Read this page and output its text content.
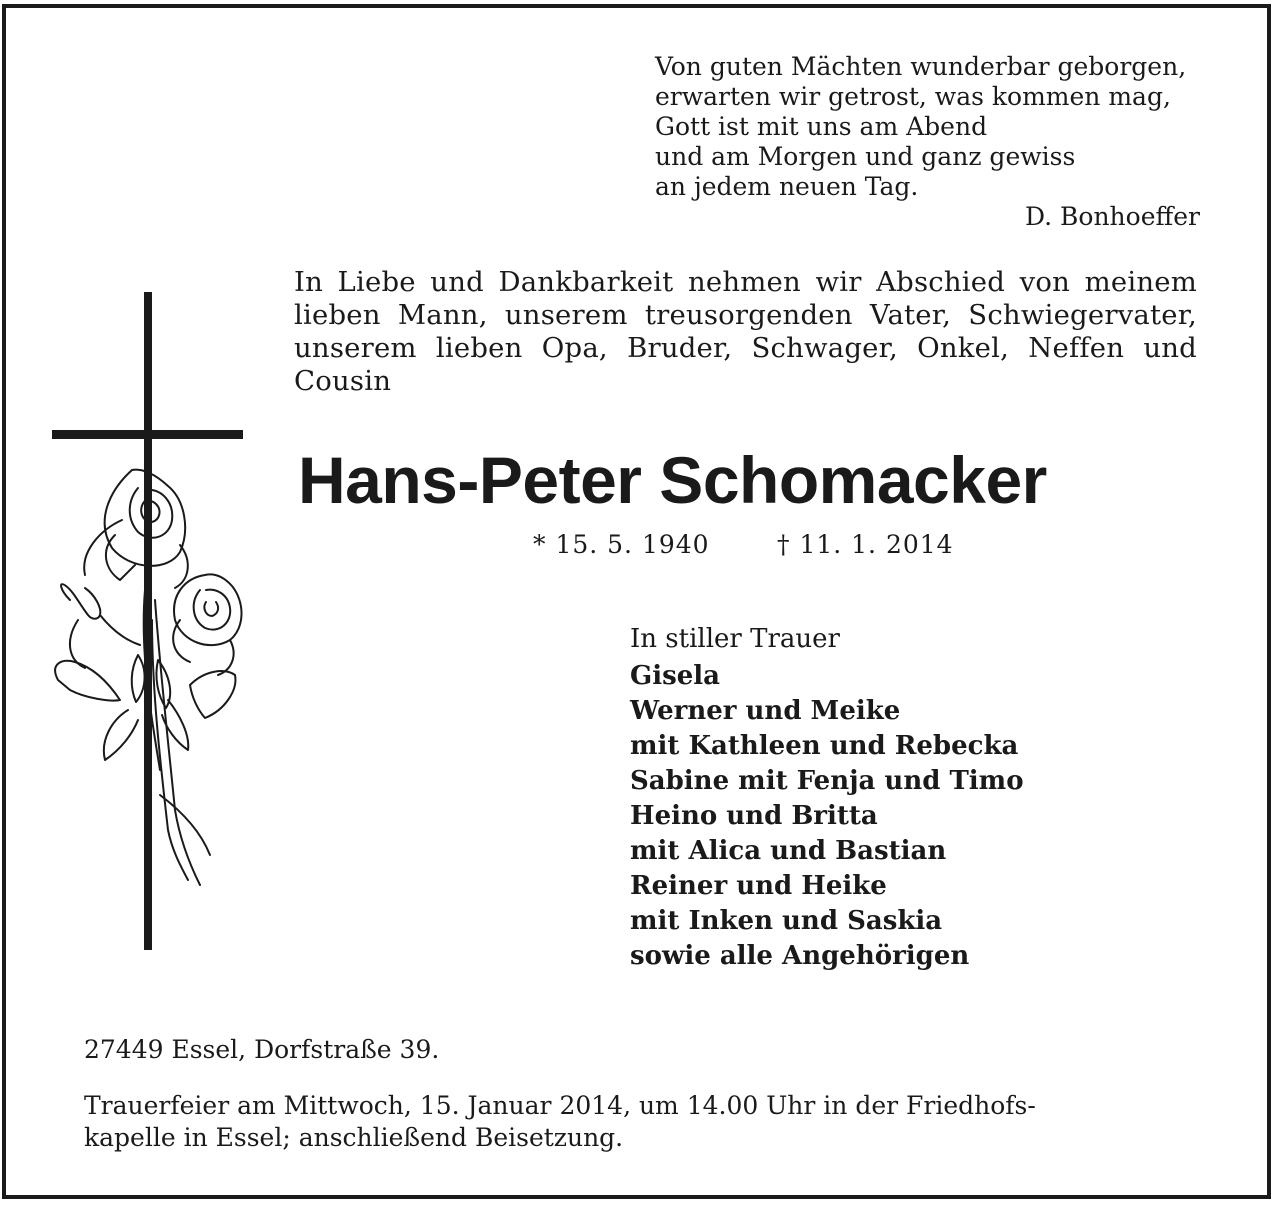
Von guten Mächten wunderbar geborgen,
erwarten wir getrost, was kommen mag,
Gott ist mit uns am Abend
und am Morgen und ganz gewiss
an jedem neuen Tag.
D. Bonhoeffer
In Liebe und Dankbarkeit nehmen wir Abschied von meinem lieben Mann, unserem treusorgenden Vater, Schwiegervater, unserem lieben Opa, Bruder, Schwager, Onkel, Neffen und Cousin
Hans-Peter Schomacker
* 15. 5. 1940	† 11. 1. 2014
In stiller Trauer
Gisela
Werner und Meike
mit Kathleen und Rebecka
Sabine mit Fenja und Timo
Heino und Britta
mit Alica und Bastian
Reiner und Heike
mit Inken und Saskia
sowie alle Angehörigen
27449 Essel, Dorfstraße 39.
Trauerfeier am Mittwoch, 15. Januar 2014, um 14.00 Uhr in der Friedhofs-
kapelle in Essel; anschließend Beisetzung.
